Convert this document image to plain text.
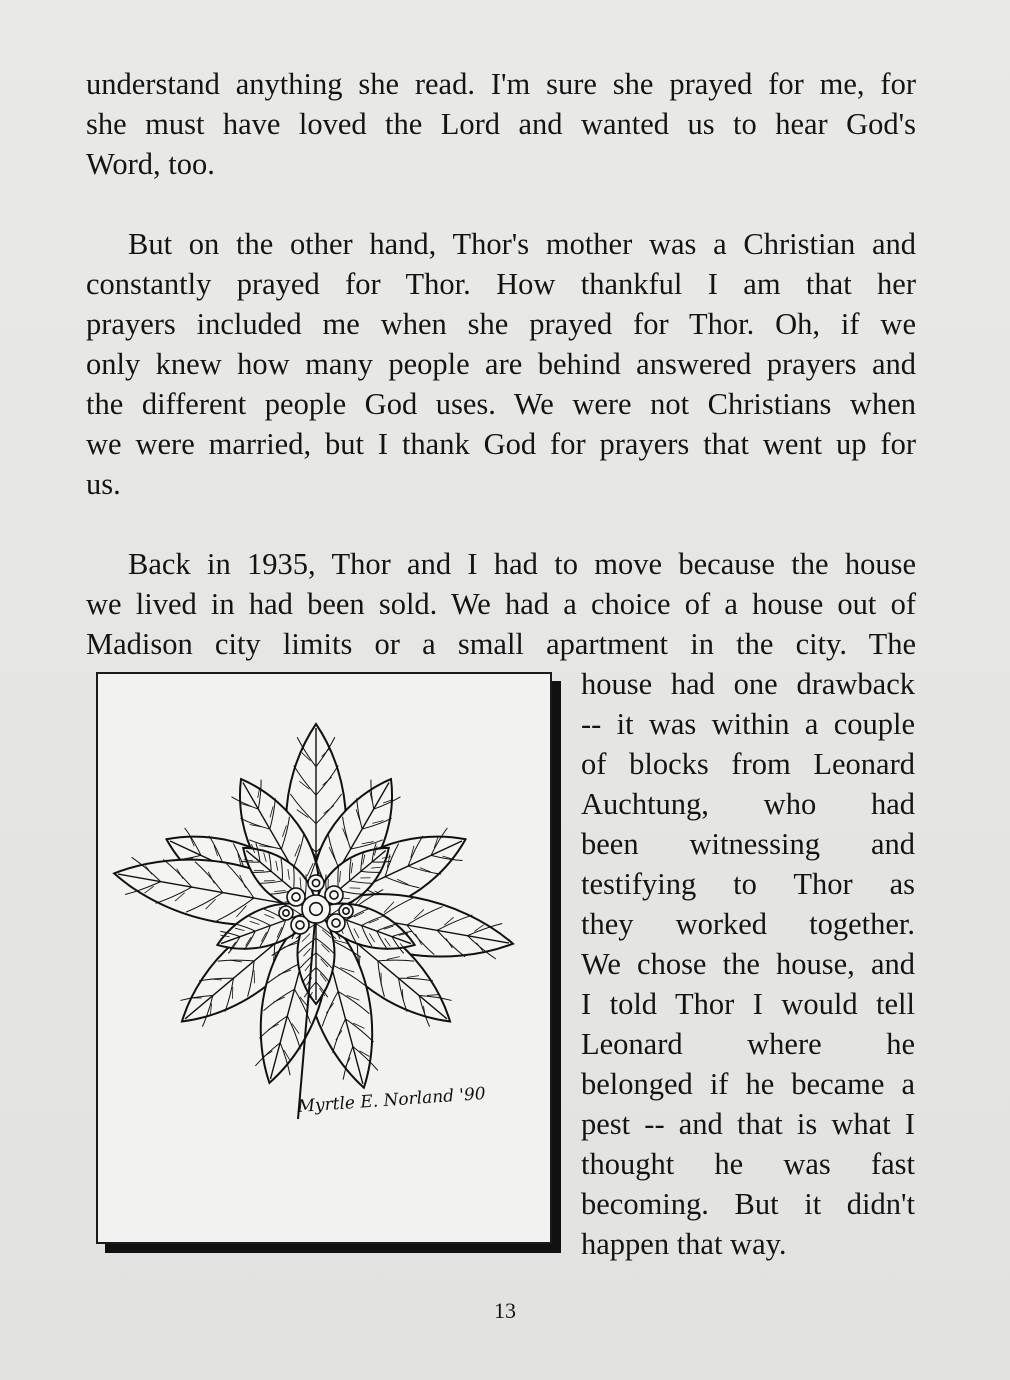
understand anything she read. I'm sure she prayed for me, for
she must have loved the Lord and wanted us to hear God's
Word, too.

But on the other hand, Thor's mother was a Christian and
constantly prayed for Thor. How thankful I am that her
prayers included me when she prayed for Thor. Oh, if we
only knew how many people are behind answered prayers and
the different people God uses. We were not Christians when
we were married, but I thank God for prayers that went up for
us.

Back in 1935, Thor and I had to move because the house
we lived in had been sold. We had a choice of a house out of
Madison city limits or a small apartment in the city. The

Myrtle E. Norland '90
house had one drawback
-- it was within a couple
of blocks from Leonard
Auchtung, who had
been witnessing and
testifying to Thor as
they worked together.
We chose the house, and
I told Thor I would tell
Leonard where he
belonged if he became a
pest -- and that is what I
thought he was fast
becoming. But it didn't
happen that way.
13
